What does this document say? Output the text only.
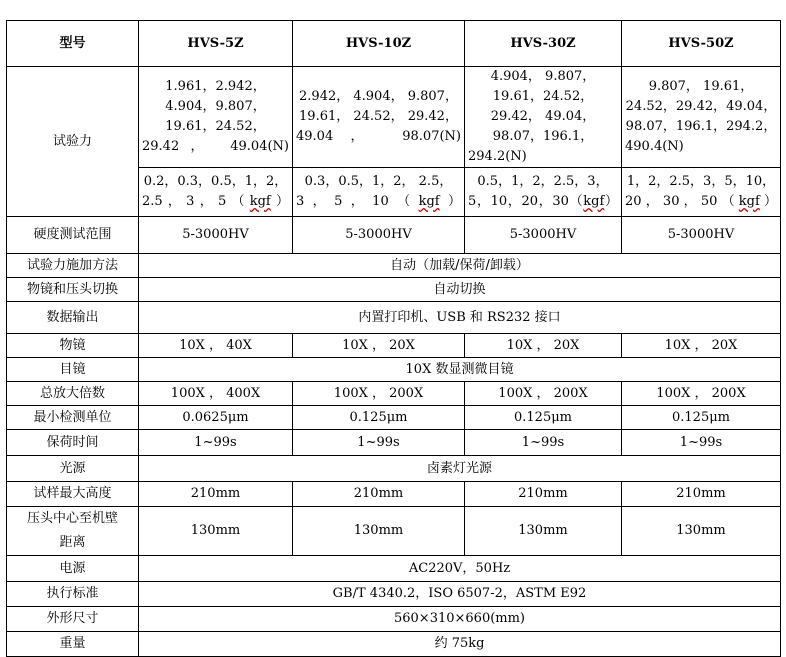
型号	HVS-5Z	HVS-10Z	HVS-30Z	HVS-50Z
试验力	1.961，2.942，4.904，9.807，19.61，24.52，29.42， 49.04(N)	2.942， 4.904， 9.807，19.61， 24.52， 29.42，49.04， 98.07(N)	4.904， 9.807， 19.61，24.52， 29.42， 49.04，98.07，196.1，294.2(N)	9.807， 19.61， 24.52，29.42，49.04， 98.07，196.1，294.2，490.4(N)
	0.2，0.3，0.5，1，2，2.5，3，5（kgf）	0.3，0.5，1，2， 2.5，3，5，10（kgf）	0.5，1，2，2.5，3，5，10，20，30（kgf）	1，2，2.5，3，5，10，20，30，50（kgf）
硬度测试范围	5-3000HV	5-3000HV	5-3000HV	5-3000HV
试验力施加方法	自动（加载/保荷/卸载）			
物镜和压头切换	自动切换			
数据输出	内置打印机、USB 和 RS232 接口			
物镜	10X ， 40X	10X ， 20X	10X ， 20X	10X ， 20X
目镜	10X 数显测微目镜			
总放大倍数	100X ， 400X	100X ， 200X	100X ， 200X	100X ， 200X
最小检测单位	0.0625μm	0.125μm	0.125μm	0.125μm
保荷时间	1~99s	1~99s	1~99s	1~99s
光源	卤素灯光源			
试样最大高度	210mm	210mm	210mm	210mm
压头中心至机壁
距离	130mm	130mm	130mm	130mm
电源	AC220V，50Hz			
执行标准	GB/T 4340.2，ISO 6507-2，ASTM E92			
外形尺寸	560×310×660(mm)			
重量	约 75kg			
